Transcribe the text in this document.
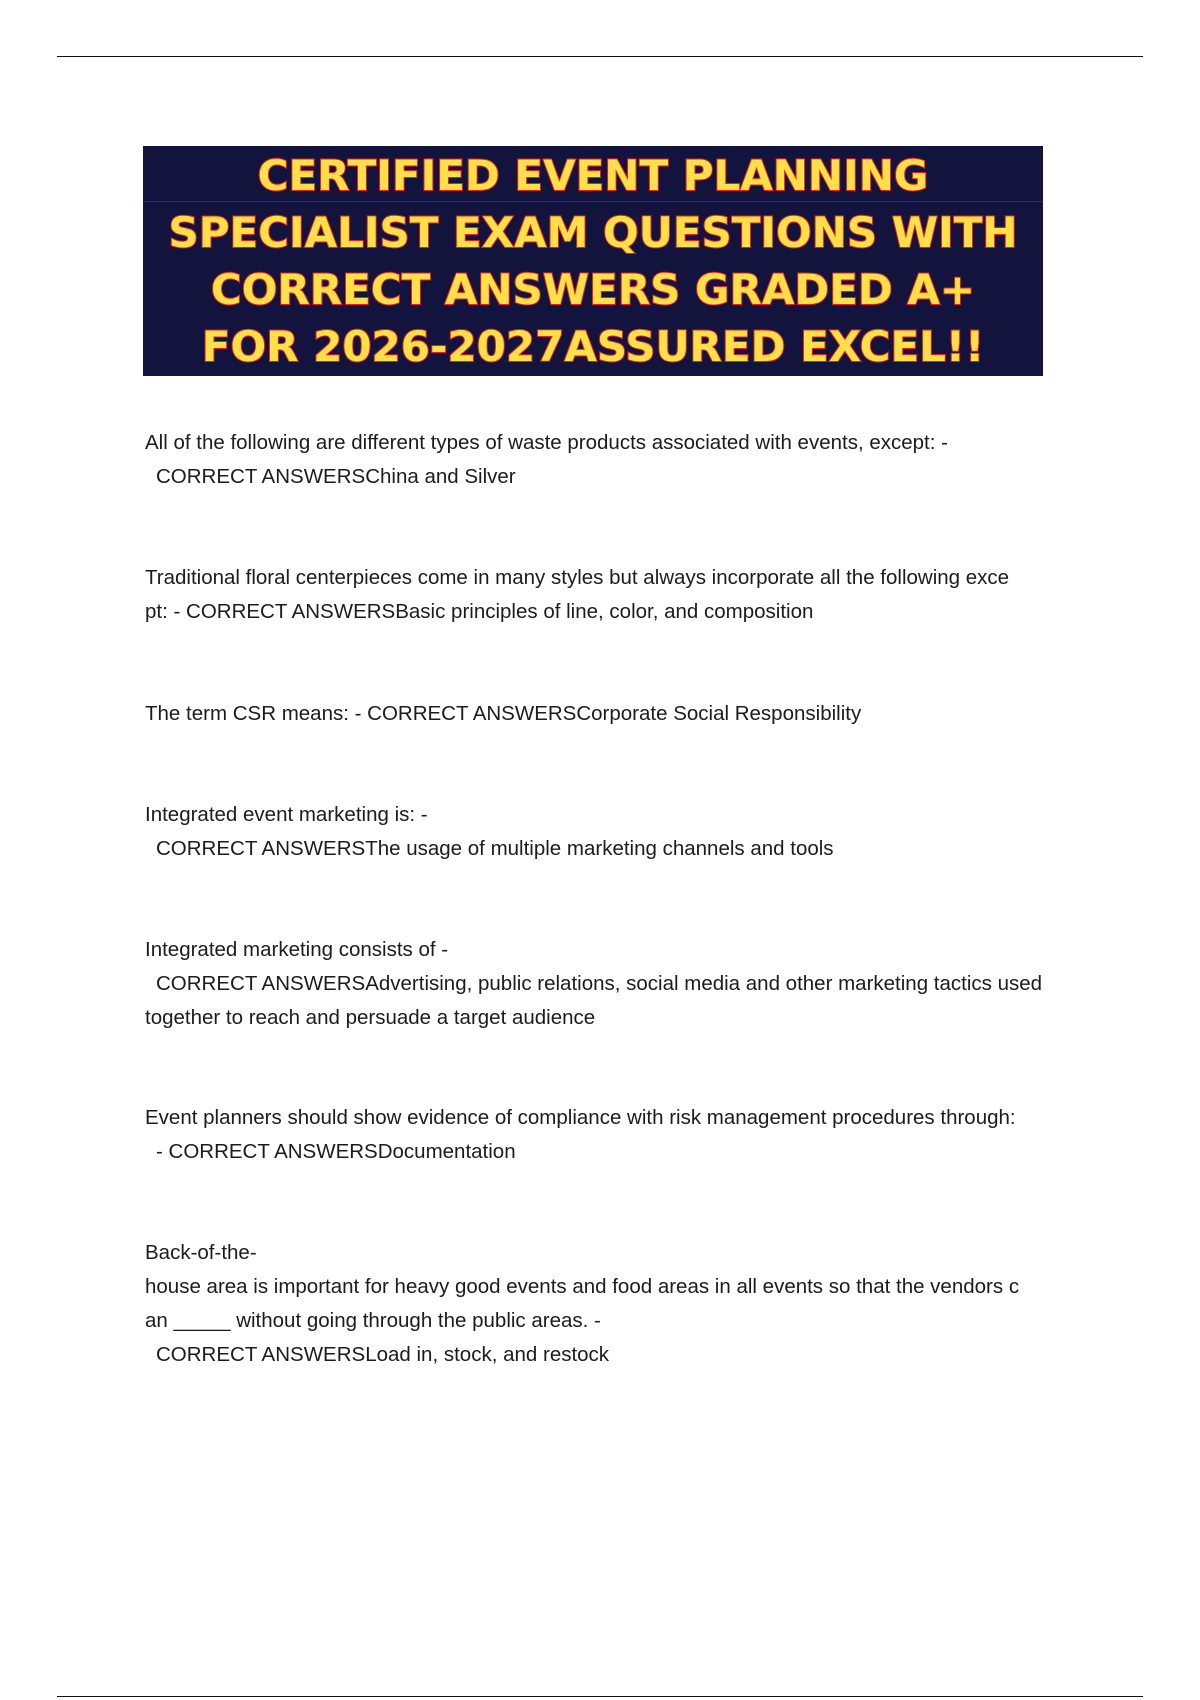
CERTIFIED EVENT PLANNING
SPECIALIST EXAM QUESTIONS WITH
CORRECT ANSWERS GRADED A+
FOR 2026-2027ASSURED EXCEL!!

All of the following are different types of waste products associated with events, except: -

CORRECT ANSWERSChina and Silver

Traditional floral centerpieces come in many styles but always incorporate all the following exce

pt: - CORRECT ANSWERSBasic principles of line, color, and composition

The term CSR means: - CORRECT ANSWERSCorporate Social Responsibility

Integrated event marketing is: -

CORRECT ANSWERSThe usage of multiple marketing channels and tools

Integrated marketing consists of -

CORRECT ANSWERSAdvertising, public relations, social media and other marketing tactics used

together to reach and persuade a target audience

Event planners should show evidence of compliance with risk management procedures through:

- CORRECT ANSWERSDocumentation

Back-of-the-

house area is important for heavy good events and food areas in all events so that the vendors c

an _____ without going through the public areas. -

CORRECT ANSWERSLoad in, stock, and restock
